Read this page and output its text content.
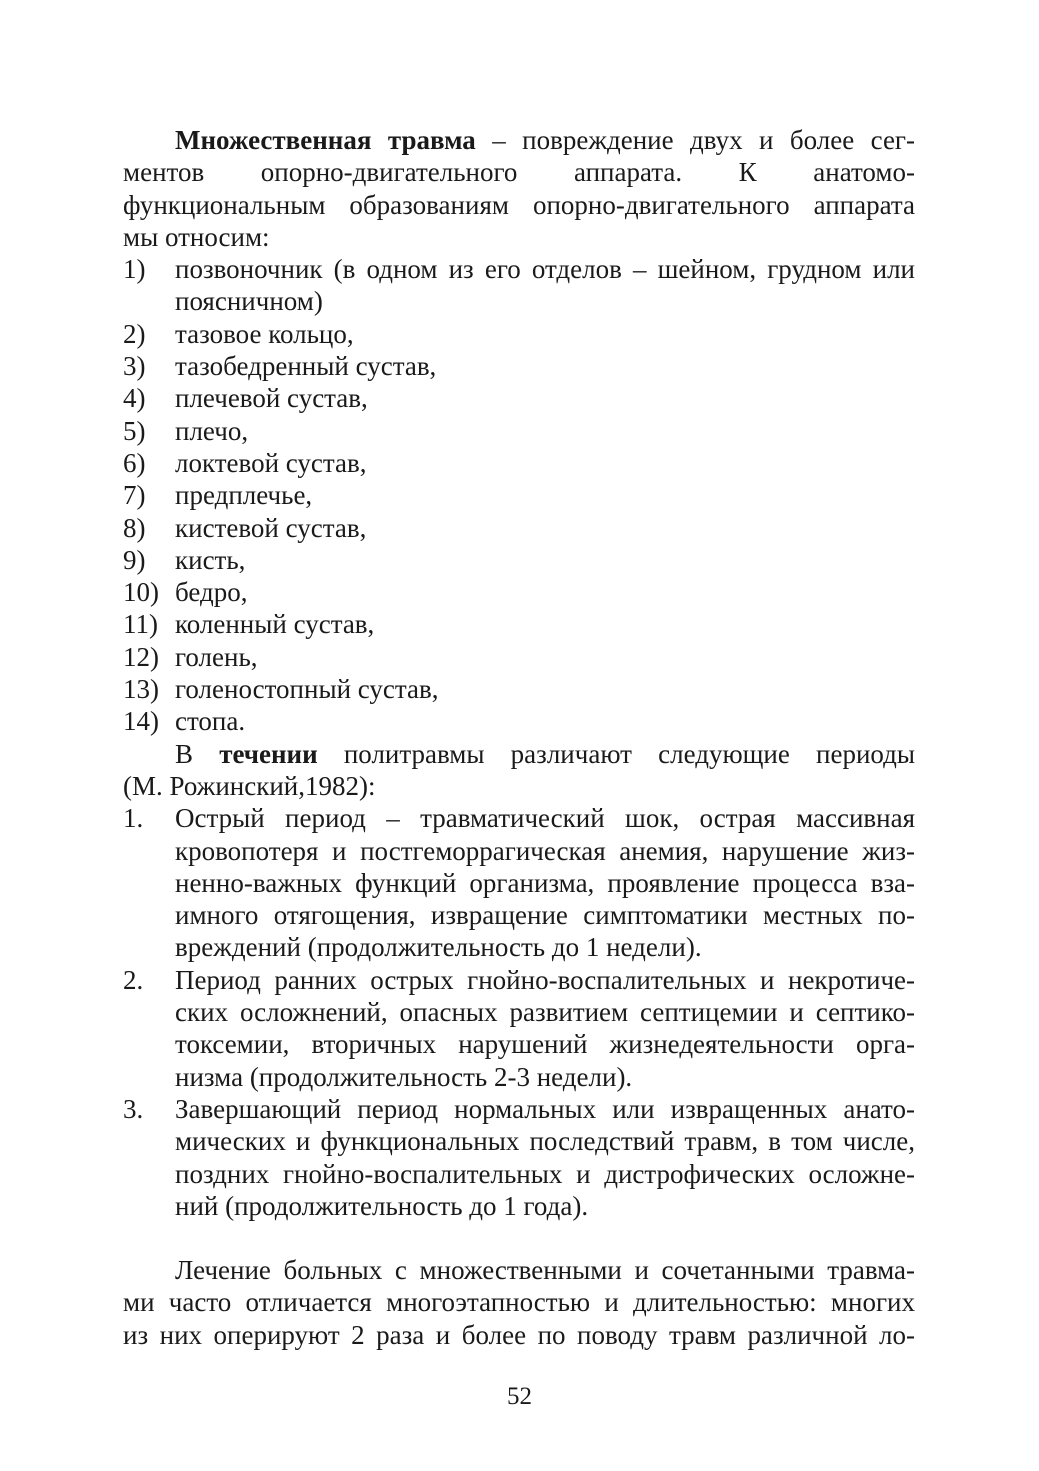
Множественная травма – повреждение двух и более сег-
ментов опорно-двигательного аппарата. К анатомо-
функциональным образованиям опорно-двигательного аппарата
мы относим:
1)	позвоночник (в одном из его отделов – шейном, грудном или
поясничном)
2)	тазовое кольцо,
3)	тазобедренный сустав,
4)	плечевой сустав,
5)	плечо,
6)	локтевой сустав,
7)	предплечье,
8)	кистевой сустав,
9)	кисть,
10) бедро,
11) коленный сустав,
12) голень,
13) голеностопный сустав,
14) стопа.
В течении политравмы различают следующие периоды
(М. Рожинский,1982):
1.	Острый период – травматический шок, острая массивная
кровопотеря и постгеморрагическая анемия, нарушение жиз-
ненно-важных функций организма, проявление процесса вза-
имного отягощения, извращение симптоматики местных по-
вреждений (продолжительность до 1 недели).
2.	Период ранних острых гнойно-воспалительных и некротиче-
ских осложнений, опасных развитием септицемии и септико-
токсемии, вторичных нарушений жизнедеятельности орга-
низма (продолжительность 2-3 недели).
3.	Завершающий период нормальных или извращенных анато-
мических и функциональных последствий травм, в том числе,
поздних гнойно-воспалительных и дистрофических осложне-
ний (продолжительность до 1 года).
Лечение больных с множественными и сочетанными травма-
ми часто отличается многоэтапностью и длительностью: многих
из них оперируют 2 раза и более по поводу травм различной ло-
52
